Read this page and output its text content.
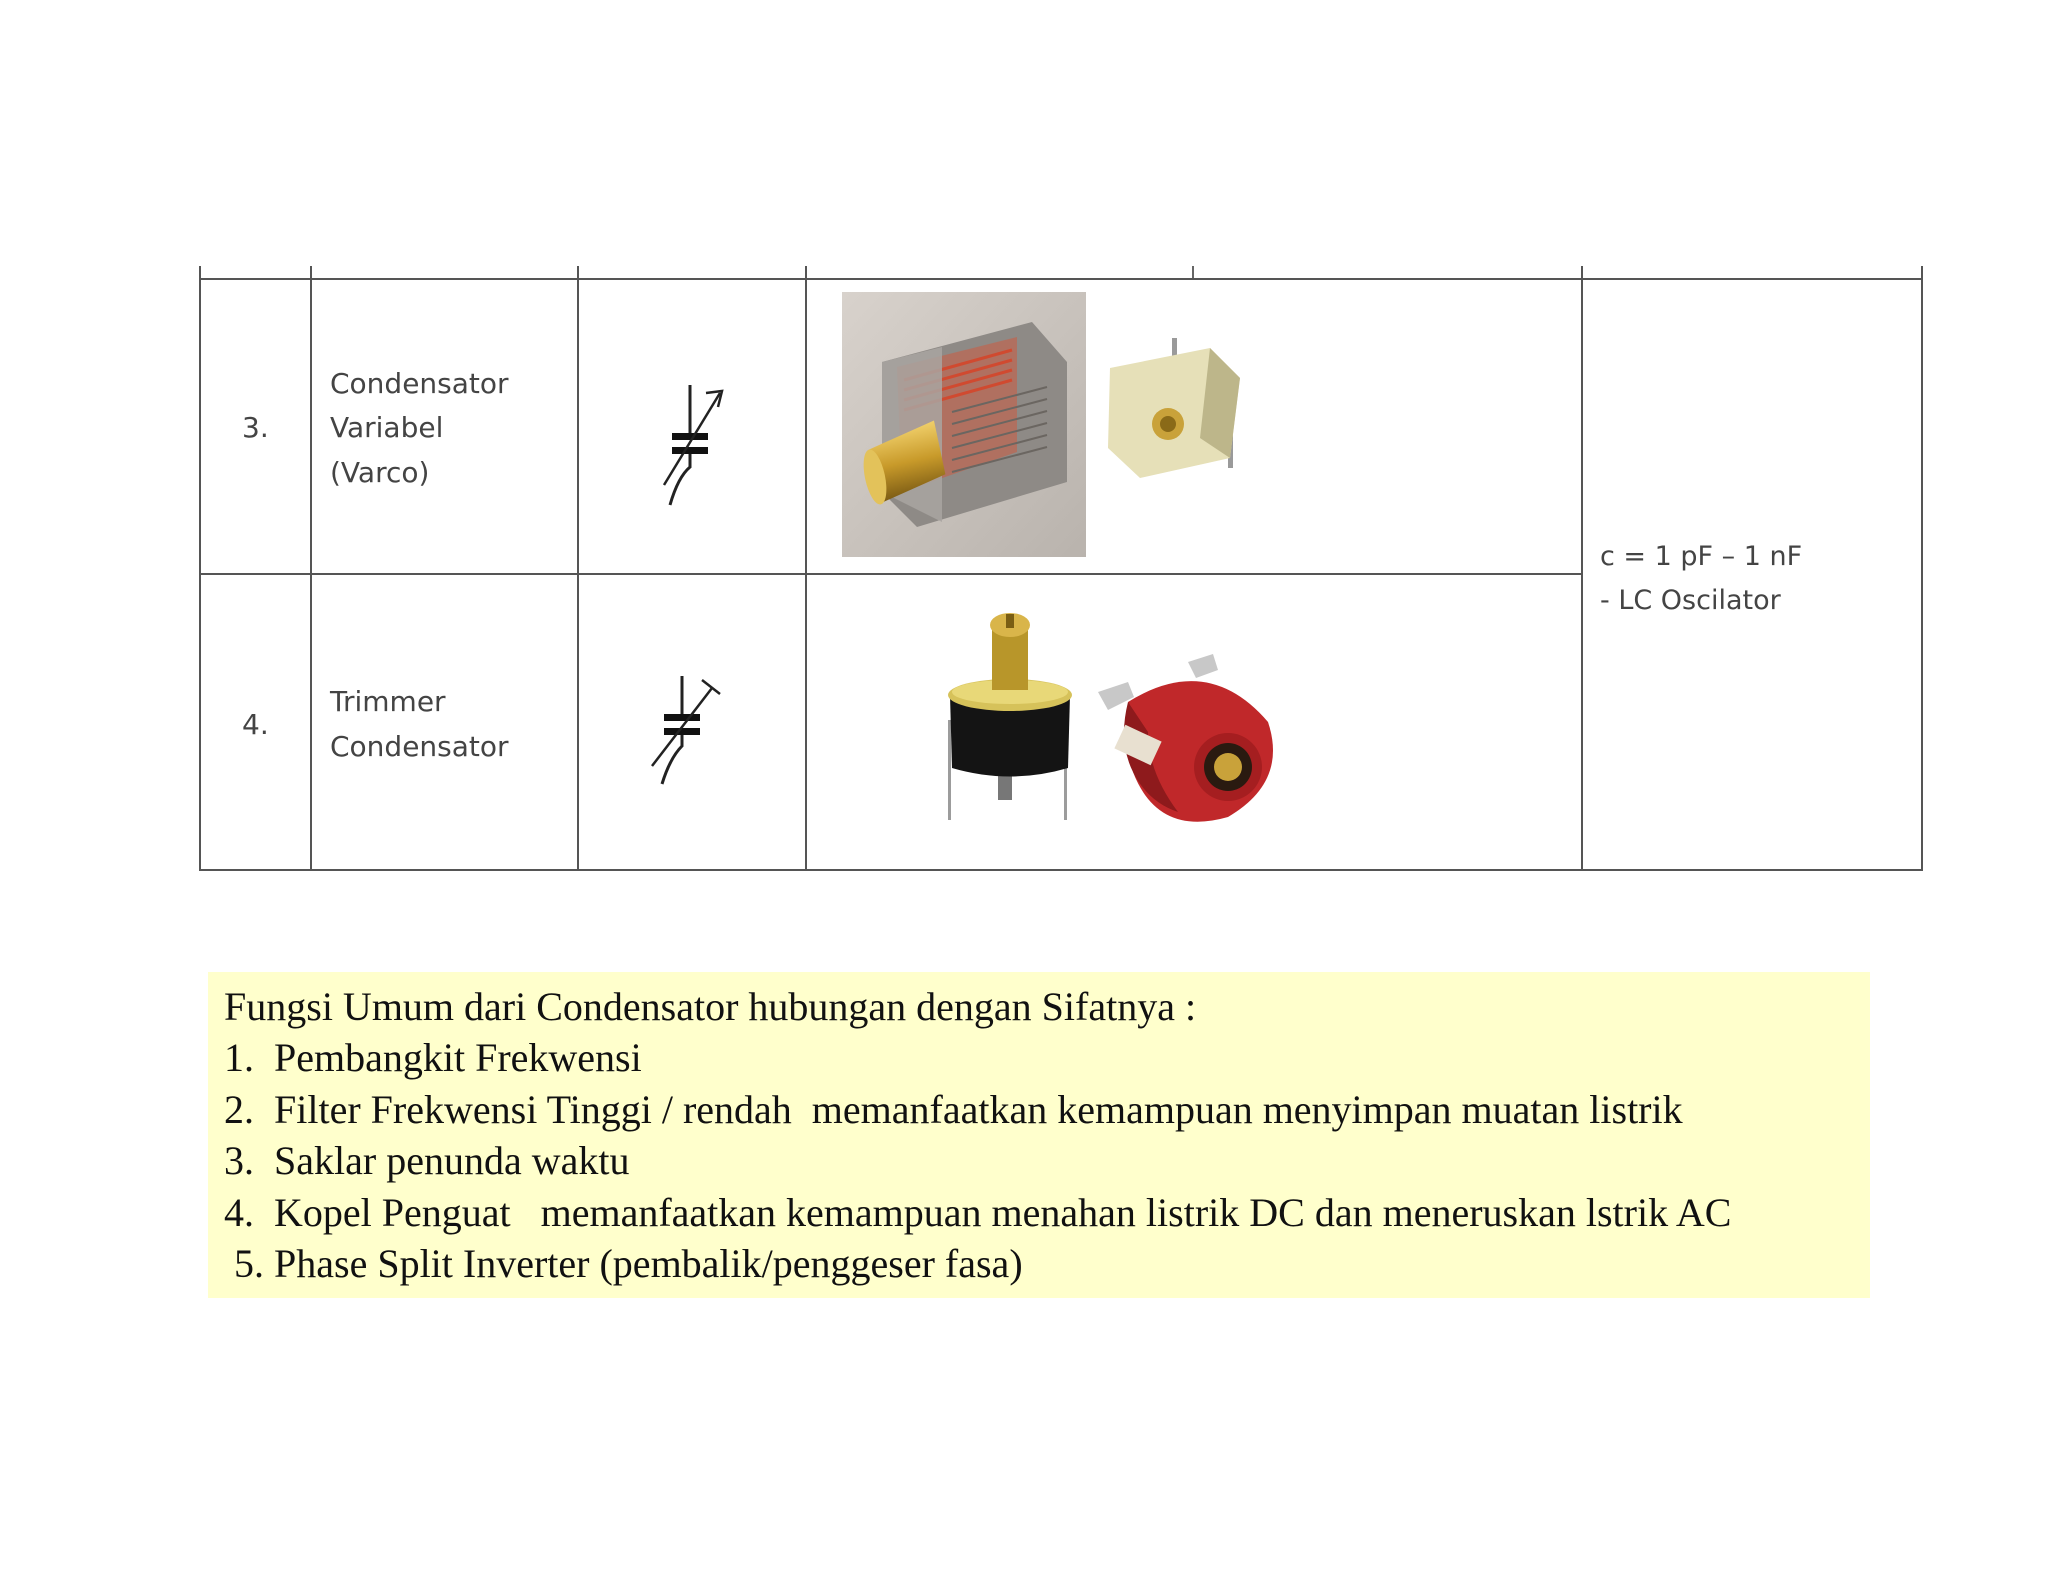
3.
Condensator
Variabel
(Varco)
4.
Trimmer
Condensator
c = 1 pF – 1 nF
- LC Oscilator
Fungsi Umum dari Condensator hubungan dengan Sifatnya :
1.  Pembangkit Frekwensi
2.  Filter Frekwensi Tinggi / rendah  memanfaatkan kemampuan menyimpan muatan listrik
3.  Saklar penunda waktu
4.  Kopel Penguat   memanfaatkan kemampuan menahan listrik DC dan meneruskan lstrik AC
5. Phase Split Inverter (pembalik/penggeser fasa)
